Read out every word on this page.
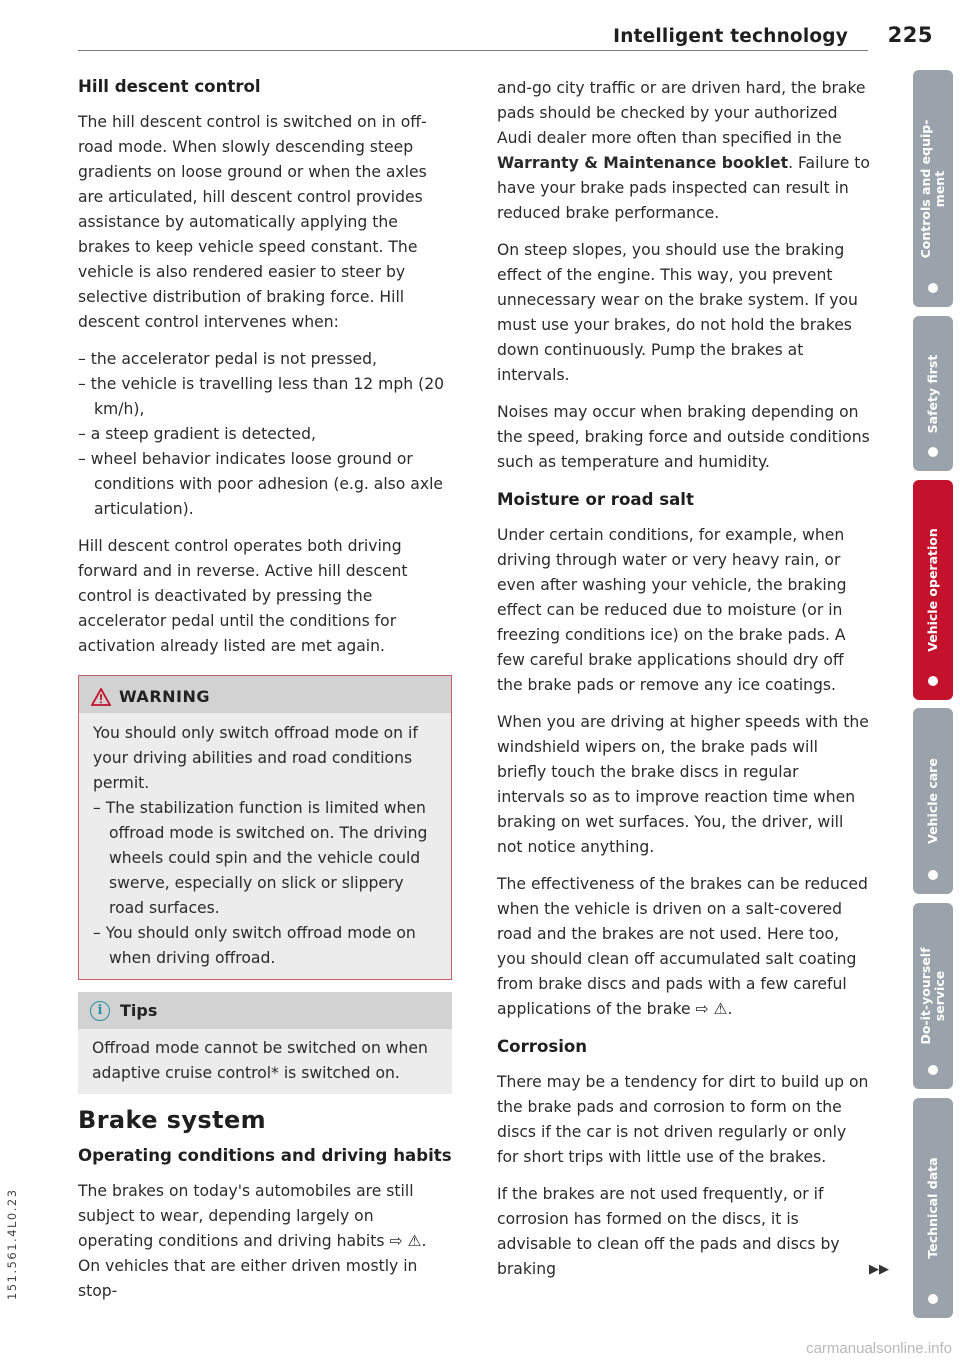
Intelligent technology 225
Hill descent control

The hill descent control is switched on in off-road mode. When slowly descending steep gradients on loose ground or when the axles are articulated, hill descent control provides assistance by automatically applying the brakes to keep vehicle speed constant. The vehicle is also rendered easier to steer by selective distribution of braking force. Hill descent control intervenes when:

– the accelerator pedal is not pressed,
– the vehicle is travelling less than 12 mph (20 km/h),
– a steep gradient is detected,
– wheel behavior indicates loose ground or conditions with poor adhesion (e.g. also axle articulation).

Hill descent control operates both driving forward and in reverse. Active hill descent control is deactivated by pressing the accelerator pedal until the conditions for activation already listed are met again.

WARNING

You should only switch offroad mode on if your driving abilities and road conditions permit.

– The stabilization function is limited when offroad mode is switched on. The driving wheels could spin and the vehicle could swerve, especially on slick or slippery road surfaces.
– You should only switch offroad mode on when driving offroad.
i	Tips

Offroad mode cannot be switched on when adaptive cruise control* is switched on.

Brake system
Operating conditions and driving habits

The brakes on today's automobiles are still subject to wear, depending largely on operating conditions and driving habits ⇨ ⚠. On vehicles that are either driven mostly in stop-

and-go city traffic or are driven hard, the brake pads should be checked by your authorized Audi dealer more often than specified in the Warranty & Maintenance booklet. Failure to have your brake pads inspected can result in reduced brake performance.

On steep slopes, you should use the braking effect of the engine. This way, you prevent unnecessary wear on the brake system. If you must use your brakes, do not hold the brakes down continuously. Pump the brakes at intervals.

Noises may occur when braking depending on the speed, braking force and outside conditions such as temperature and humidity.

Moisture or road salt

Under certain conditions, for example, when driving through water or very heavy rain, or even after washing your vehicle, the braking effect can be reduced due to moisture (or in freezing conditions ice) on the brake pads. A few careful brake applications should dry off the brake pads or remove any ice coatings.

When you are driving at higher speeds with the windshield wipers on, the brake pads will briefly touch the brake discs in regular intervals so as to improve reaction time when braking on wet surfaces. You, the driver, will not notice anything.

The effectiveness of the brakes can be reduced when the vehicle is driven on a salt-covered road and the brakes are not used. Here too, you should clean off accumulated salt coating from brake discs and pads with a few careful applications of the brake ⇨ ⚠.

Corrosion

There may be a tendency for dirt to build up on the brake pads and corrosion to form on the discs if the car is not driven regularly or only for short trips with little use of the brakes.

If the brakes are not used frequently, or if corrosion has formed on the discs, it is advisable to clean off the pads and discs by braking	▶▶

Controls and equip-
ment
Safety first
Vehicle operation
Vehicle care
Do-it-yourself
service
Technical data
151.561.4L0.23
carmanualsonline.info
